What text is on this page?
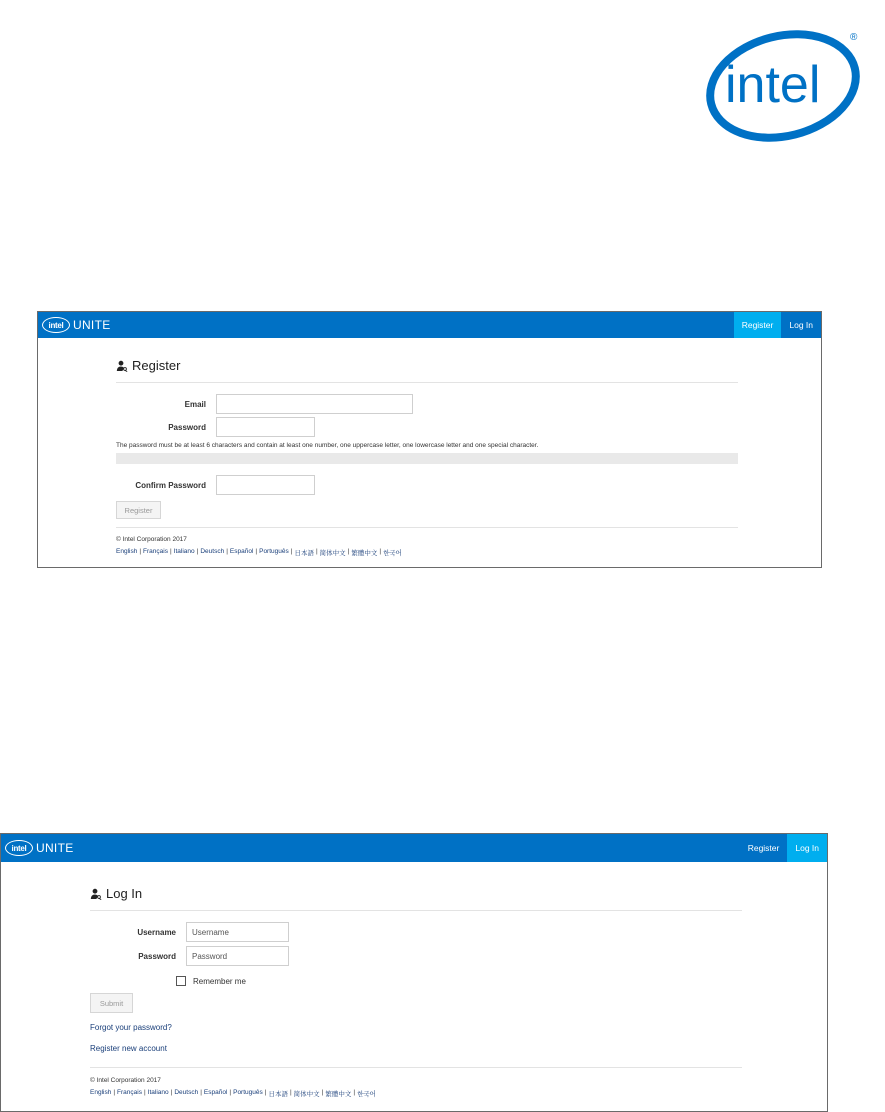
intel
®
intel UNITE	Register	Log In
Register
Email
Password
The password must be at least 6 characters and contain at least one number, one uppercase letter, one lowercase letter and one special character.
Confirm Password
Register
© Intel Corporation 2017
English | Français | Italiano | Deutsch | Español | Português | 日本語 | 简体中文 | 繁體中文 | 한국어
intel UNITE	Register	Log In
Log In
Username	Username
Password	Password
Remember me
Submit
Forgot your password?
Register new account
© Intel Corporation 2017
English | Français | Italiano | Deutsch | Español | Português | 日本語 | 简体中文 | 繁體中文 | 한국어
